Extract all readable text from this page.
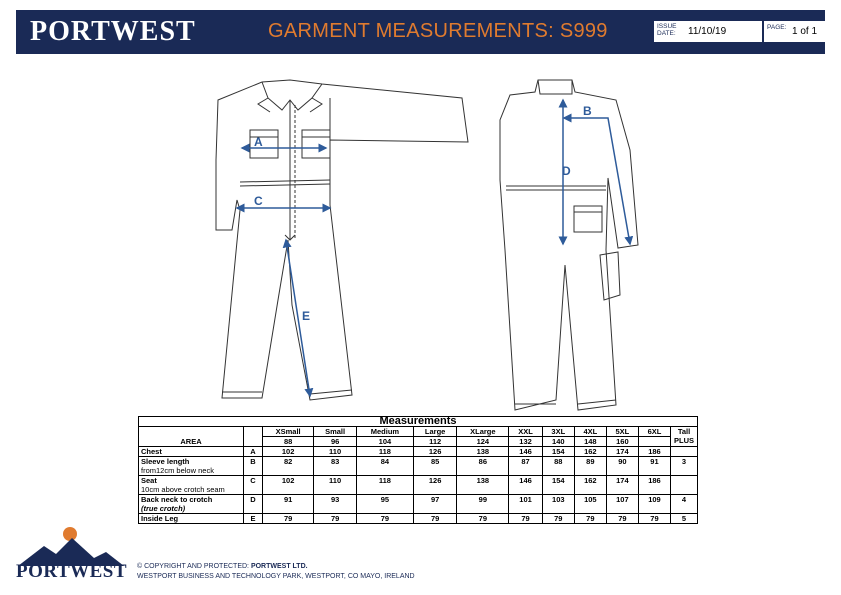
PORTWEST	GARMENT MEASUREMENTS: S999	ISSUE
DATE: 11/10/19	PAGE: 1 of 1
A
C
E
B
D
Measurements												
AREA		XSmall	Small	Medium	Large	XLarge	XXL	3XL	4XL	5XL	6XL	Tall
PLUS
		88	96	104	112	124	132	140	148	160		
Chest	A	102	110	118	126	138	146	154	162	174	186	
Sleeve length
from12cm below neck	B	82	83	84	85	86	87	88	89	90	91	3
Seat
10cm above crotch seam	C	102	110	118	126	138	146	154	162	174	186	
Back neck to crotch
(true crotch)	D	91	93	95	97	99	101	103	105	107	109	4
Inside Leg	E	79	79	79	79	79	79	79	79	79	79	5
PORTWEST © COPYRIGHT AND PROTECTED: PORTWEST LTD.
WESTPORT BUSINESS AND TECHNOLOGY PARK, WESTPORT, CO MAYO, IRELAND
